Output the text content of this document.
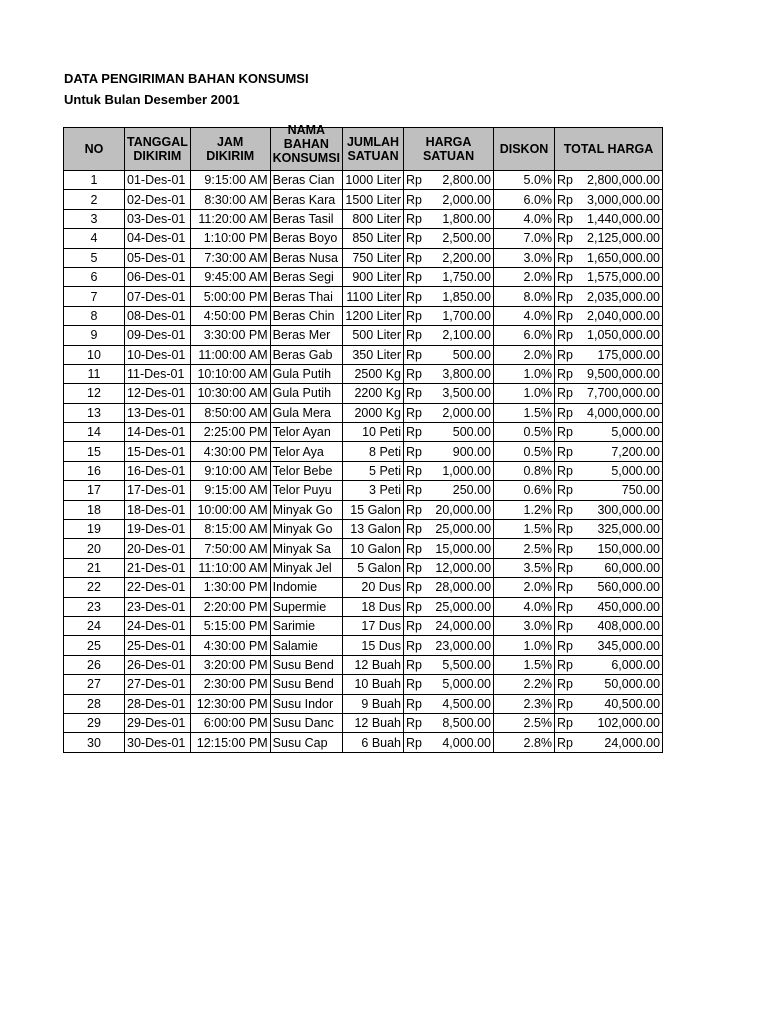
DATA PENGIRIMAN BAHAN KONSUMSI
Untuk Bulan Desember 2001
NO	TANGGAL DIKIRIM	JAM DIKIRIM	NAMA BAHAN KONSUMSI	JUMLAH SATUAN	HARGA SATUAN	DISKON	TOTAL HARGA
1	01-Des-01	9:15:00 AM	Beras Cian	1000 Liter	Rp 2,800.00	5.0%	Rp 2,800,000.00

2	02-Des-01	8:30:00 AM	Beras Kara	1500 Liter	Rp 2,000.00	6.0%	Rp 3,000,000.00

3	03-Des-01	11:20:00 AM	Beras Tasil	800 Liter	Rp 1,800.00	4.0%	Rp 1,440,000.00

4	04-Des-01	1:10:00 PM	Beras Boyo	850 Liter	Rp 2,500.00	7.0%	Rp 2,125,000.00

5	05-Des-01	7:30:00 AM	Beras Nusa	750 Liter	Rp 2,200.00	3.0%	Rp 1,650,000.00

6	06-Des-01	9:45:00 AM	Beras Segi	900 Liter	Rp 1,750.00	2.0%	Rp 1,575,000.00

7	07-Des-01	5:00:00 PM	Beras Thai	1100 Liter	Rp 1,850.00	8.0%	Rp 2,035,000.00

8	08-Des-01	4:50:00 PM	Beras Chin	1200 Liter	Rp 1,700.00	4.0%	Rp 2,040,000.00

9	09-Des-01	3:30:00 PM	Beras Mer	500 Liter	Rp 2,100.00	6.0%	Rp 1,050,000.00

10	10-Des-01	11:00:00 AM	Beras Gab	350 Liter	Rp 500.00	2.0%	Rp 175,000.00

11	11-Des-01	10:10:00 AM	Gula Putih	2500 Kg	Rp 3,800.00	1.0%	Rp 9,500,000.00

12	12-Des-01	10:30:00 AM	Gula Putih	2200 Kg	Rp 3,500.00	1.0%	Rp 7,700,000.00

13	13-Des-01	8:50:00 AM	Gula Mera	2000 Kg	Rp 2,000.00	1.5%	Rp 4,000,000.00

14	14-Des-01	2:25:00 PM	Telor Ayan	10 Peti	Rp 500.00	0.5%	Rp 5,000.00

15	15-Des-01	4:30:00 PM	Telor Aya	8 Peti	Rp 900.00	0.5%	Rp 7,200.00

16	16-Des-01	9:10:00 AM	Telor Bebe	5 Peti	Rp 1,000.00	0.8%	Rp 5,000.00

17	17-Des-01	9:15:00 AM	Telor Puyu	3 Peti	Rp 250.00	0.6%	Rp 750.00

18	18-Des-01	10:00:00 AM	Minyak Go	15 Galon	Rp 20,000.00	1.2%	Rp 300,000.00

19	19-Des-01	8:15:00 AM	Minyak Go	13 Galon	Rp 25,000.00	1.5%	Rp 325,000.00

20	20-Des-01	7:50:00 AM	Minyak Sa	10 Galon	Rp 15,000.00	2.5%	Rp 150,000.00

21	21-Des-01	11:10:00 AM	Minyak Jel	5 Galon	Rp 12,000.00	3.5%	Rp 60,000.00

22	22-Des-01	1:30:00 PM	Indomie	20 Dus	Rp 28,000.00	2.0%	Rp 560,000.00

23	23-Des-01	2:20:00 PM	Supermie	18 Dus	Rp 25,000.00	4.0%	Rp 450,000.00

24	24-Des-01	5:15:00 PM	Sarimie	17 Dus	Rp 24,000.00	3.0%	Rp 408,000.00

25	25-Des-01	4:30:00 PM	Salamie	15 Dus	Rp 23,000.00	1.0%	Rp 345,000.00

26	26-Des-01	3:20:00 PM	Susu Bend	12 Buah	Rp 5,500.00	1.5%	Rp 6,000.00

27	27-Des-01	2:30:00 PM	Susu Bend	10 Buah	Rp 5,000.00	2.2%	Rp 50,000.00

28	28-Des-01	12:30:00 PM	Susu Indor	9 Buah	Rp 4,500.00	2.3%	Rp 40,500.00

29	29-Des-01	6:00:00 PM	Susu Danc	12 Buah	Rp 8,500.00	2.5%	Rp 102,000.00

30	30-Des-01	12:15:00 PM	Susu Cap	6 Buah	Rp 4,000.00	2.8%	Rp 24,000.00
